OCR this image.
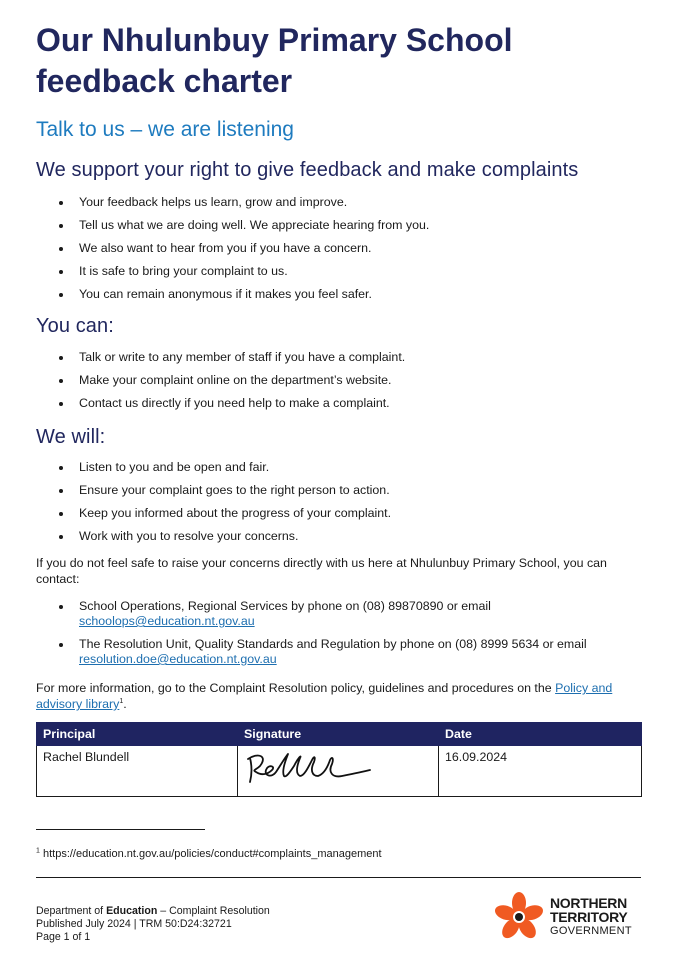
Our Nhulunbuy Primary School feedback charter

Talk to us – we are listening

We support your right to give feedback and make complaints

Your feedback helps us learn, grow and improve.
Tell us what we are doing well. We appreciate hearing from you.
We also want to hear from you if you have a concern.
It is safe to bring your complaint to us.
You can remain anonymous if it makes you feel safer.

You can:

Talk or write to any member of staff if you have a complaint.
Make your complaint online on the department’s website.
Contact us directly if you need help to make a complaint.

We will:

Listen to you and be open and fair.
Ensure your complaint goes to the right person to action.
Keep you informed about the progress of your complaint.
Work with you to resolve your concerns.

If you do not feel safe to raise your concerns directly with us here at Nhulunbuy Primary School, you can contact:

School Operations, Regional Services by phone on (08) 89870890 or email
schoolops@education.nt.gov.au
The Resolution Unit, Quality Standards and Regulation by phone on (08) 8999 5634 or email
resolution.doe@education.nt.gov.au

For more information, go to the Complaint Resolution policy, guidelines and procedures on the Policy and advisory library$^1$.

Principal	Signature	Date
Rachel Blundell		16.09.2024
$^1$ https://education.nt.gov.au/policies/conduct#complaints_management
Department of Education – Complaint Resolution
Published July 2024 | TRM 50:D24:32721
Page 1 of 1
NORTHERN
TERRITORY
GOVERNMENT
